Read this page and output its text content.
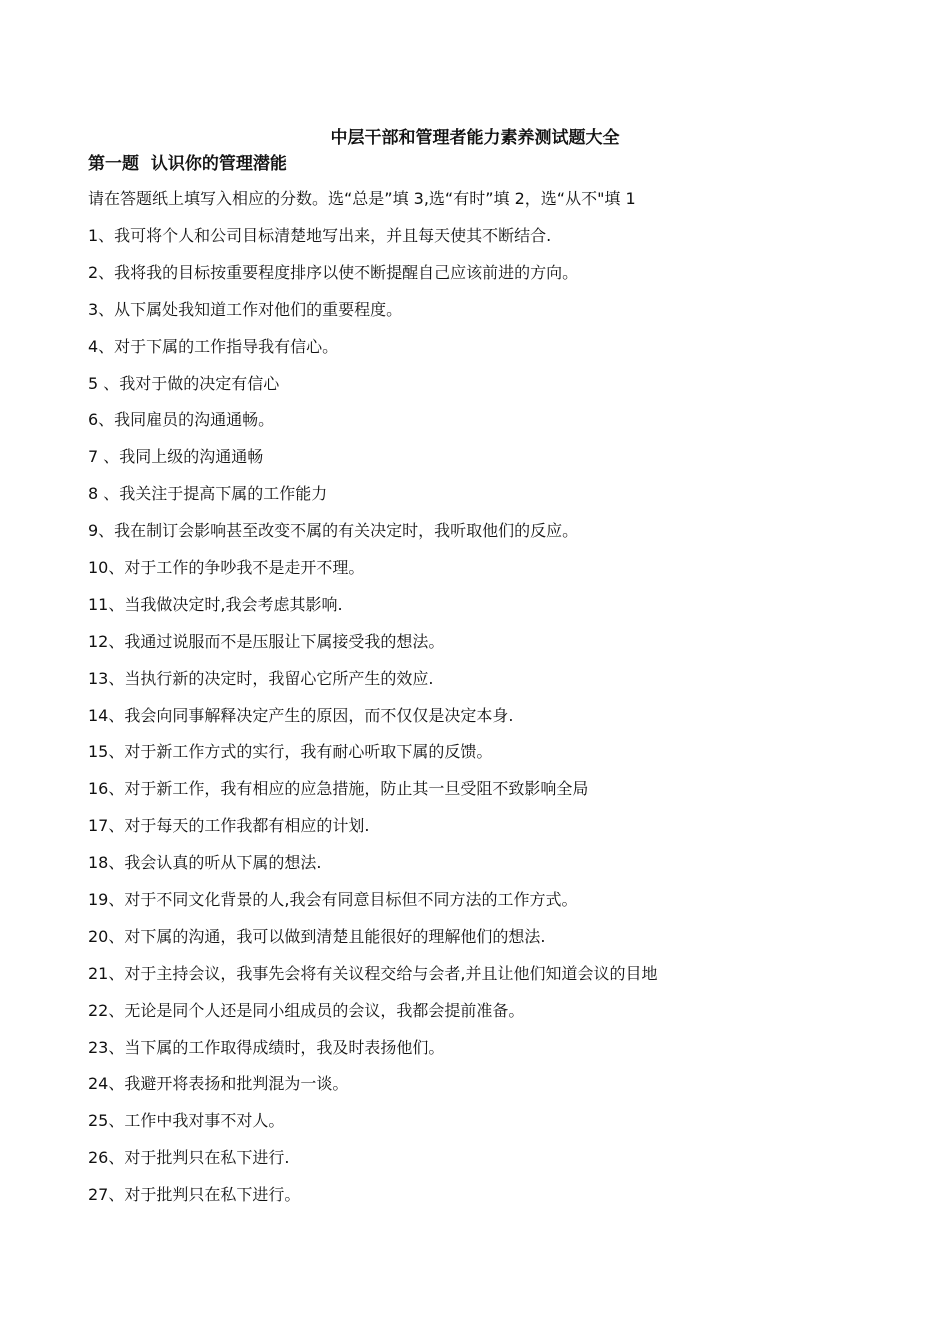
中层干部和管理者能力素养测试题大全
第一题  认识你的管理潜能
请在答题纸上填写入相应的分数。选“总是”填 3,选“有时”填 2，选“从不"填 1
1、我可将个人和公司目标清楚地写出来，并且每天使其不断结合.
2、我将我的目标按重要程度排序以使不断提醒自己应该前进的方向。
3、从下属处我知道工作对他们的重要程度。
4、对于下属的工作指导我有信心。
5 、我对于做的决定有信心
6、我同雇员的沟通通畅。
7 、我同上级的沟通通畅
8 、我关注于提高下属的工作能力
9、我在制订会影响甚至改变不属的有关决定时，我听取他们的反应。
10、对于工作的争吵我不是走开不理。
11、当我做决定时,我会考虑其影响.
12、我通过说服而不是压服让下属接受我的想法。
13、当执行新的决定时，我留心它所产生的效应.
14、我会向同事解释决定产生的原因，而不仅仅是决定本身.
15、对于新工作方式的实行，我有耐心听取下属的反馈。
16、对于新工作，我有相应的应急措施，防止其一旦受阻不致影响全局
17、对于每天的工作我都有相应的计划.
18、我会认真的听从下属的想法.
19、对于不同文化背景的人,我会有同意目标但不同方法的工作方式。
20、对下属的沟通，我可以做到清楚且能很好的理解他们的想法.
21、对于主持会议，我事先会将有关议程交给与会者,并且让他们知道会议的目地
22、无论是同个人还是同小组成员的会议，我都会提前准备。
23、当下属的工作取得成绩时，我及时表扬他们。
24、我避开将表扬和批判混为一谈。
25、工作中我对事不对人。
26、对于批判只在私下进行.
27、对于批判只在私下进行。
